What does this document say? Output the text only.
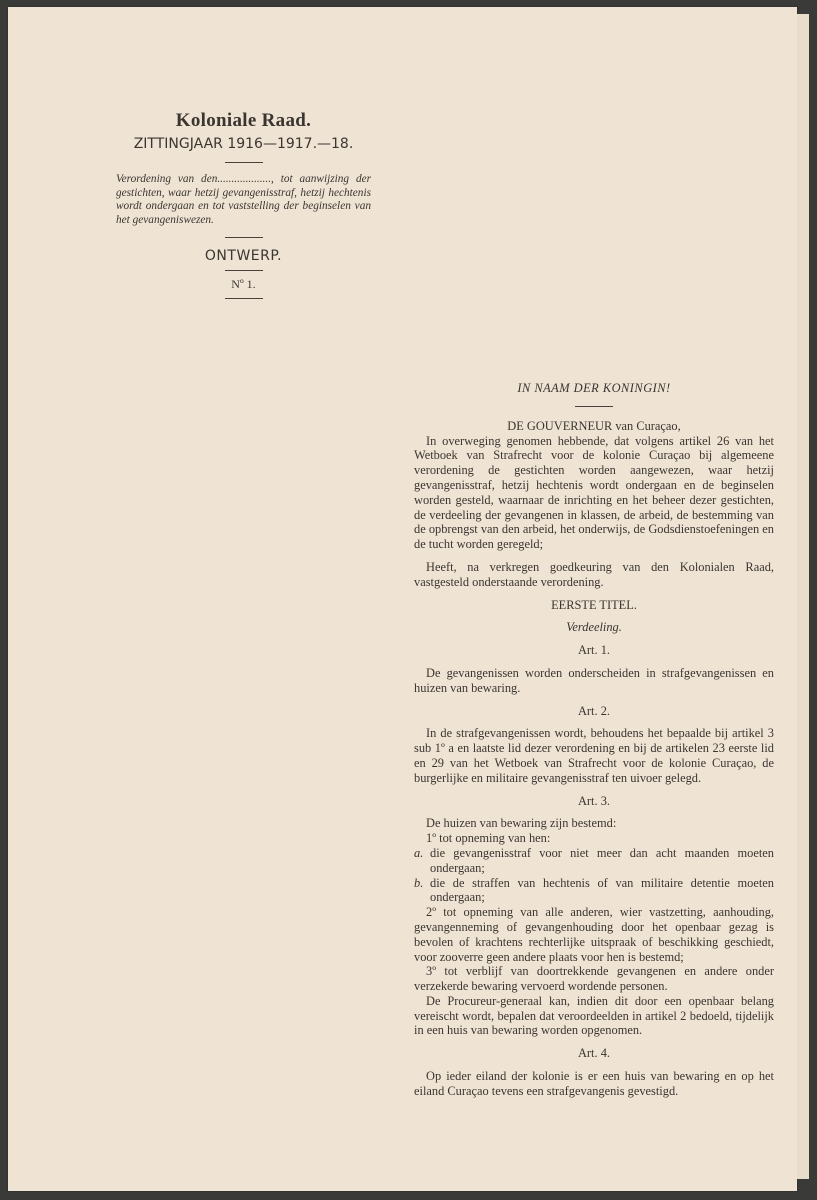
Koloniale Raad.
ZITTINGJAAR 1916—1917.—18.
Verordening van den..................., tot aanwijzing der gestichten, waar hetzij gevangenisstraf, hetzij hechtenis wordt ondergaan en tot vaststelling der beginselen van het gevangeniswezen.
ONTWERP.
Nº 1.
IN NAAM DER KONINGIN!
DE GOUVERNEUR van Curaçao,

In overweging genomen hebbende, dat volgens artikel 26 van het Wetboek van Strafrecht voor de kolonie Curaçao bij algemeene verordening de gestichten worden aangewezen, waar hetzij gevangenisstraf, hetzij hechtenis wordt ondergaan en de beginselen worden gesteld, waarnaar de inrichting en het beheer dezer gestichten, de verdeeling der gevangenen in klassen, de arbeid, de bestemming van de opbrengst van den arbeid, het onderwijs, de Godsdienstoefeningen en de tucht worden geregeld;

Heeft, na verkregen goedkeuring van den Kolonialen Raad, vastgesteld onderstaande verordening.

EERSTE TITEL.
Verdeeling.
Art. 1.

De gevangenissen worden onderscheiden in strafgevangenissen en huizen van bewaring.

Art. 2.

In de strafgevangenissen wordt, behoudens het bepaalde bij artikel 3 sub 1º a en laatste lid dezer verordening en bij de artikelen 23 eerste lid en 29 van het Wetboek van Strafrecht voor de kolonie Curaçao, de burgerlijke en militaire gevangenisstraf ten uivoer gelegd.

Art. 3.

De huizen van bewaring zijn bestemd:

1º tot opneming van hen:

a. die gevangenisstraf voor niet meer dan acht maanden moeten ondergaan;
b. die de straffen van hechtenis of van militaire detentie moeten ondergaan;

2º tot opneming van alle anderen, wier vastzetting, aanhouding, gevangenneming of gevangenhouding door het openbaar gezag is bevolen of krachtens rechterlijke uitspraak of beschikking geschiedt, voor zooverre geen andere plaats voor hen is bestemd;

3º tot verblijf van doortrekkende gevangenen en andere onder verzekerde bewaring vervoerd wordende personen.

De Procureur-generaal kan, indien dit door een openbaar belang vereischt wordt, bepalen dat veroordeelden in artikel 2 bedoeld, tijdelijk in een huis van bewaring worden opgenomen.

Art. 4.

Op ieder eiland der kolonie is er een huis van bewaring en op het eiland Curaçao tevens een strafgevangenis gevestigd.
